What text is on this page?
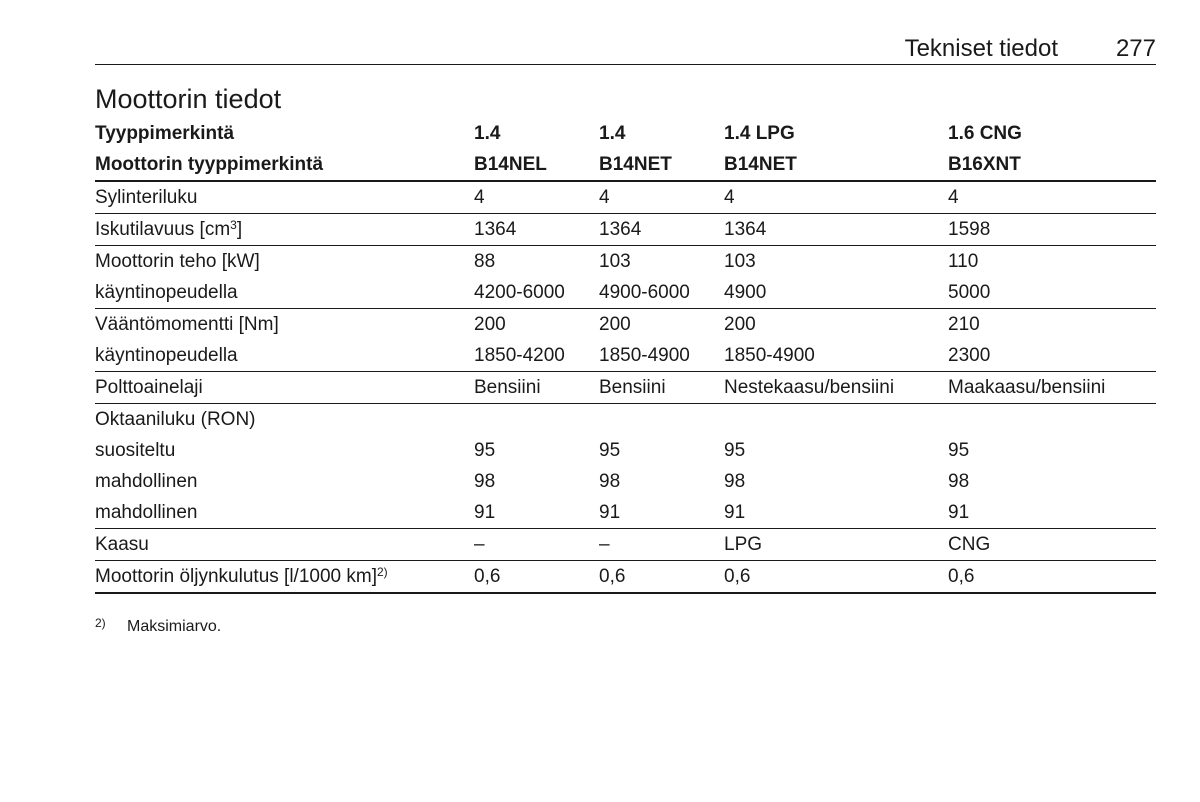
Tekniset tiedot 277
Moottorin tiedot
Tyyppimerkintä	1.4	1.4	1.4 LPG	1.6 CNG
Moottorin tyyppimerkintä	B14NEL	B14NET	B14NET	B16XNT
Sylinteriluku	4	4	4	4
Iskutilavuus $[cm^3]$	1364	1364	1364	1598
Moottorin teho [kW]	88	103	103	110
käyntinopeudella	4200-6000	4900-6000	4900	5000
Vääntömomentti [Nm]	200	200	200	210
käyntinopeudella	1850-4200	1850-4900	1850-4900	2300
Polttoainelaji	Bensiini	Bensiini	Nestekaasu/bensiini	Maakaasu/bensiini
Oktaaniluku (RON)				
suositeltu	95	95	95	95
mahdollinen	98	98	98	98
mahdollinen	91	91	91	91
Kaasu	–	–	LPG	CNG
Moottorin öljynkulutus [l/1000 km]$^{2)}$	0,6	0,6	0,6	0,6
2) Maksimiarvo.
